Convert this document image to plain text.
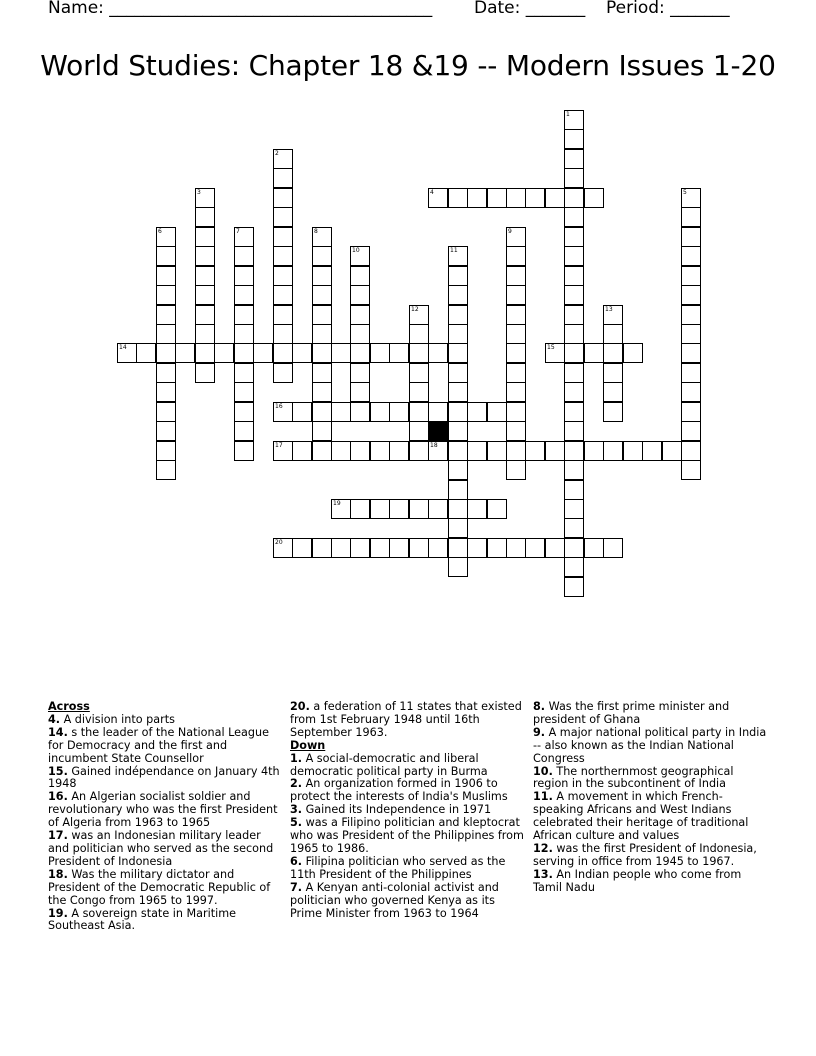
Name: ______________________________________ Date: _______ Period: _______
World Studies: Chapter 18 &19 -- Modern Issues 1-20
1
2
3	4	5
6	7	8	9
10	11
12	13
14	15
16
17	18
19
20
Across
4. A division into parts
14. s the leader of the National League for Democracy and the first and incumbent State Counsellor
15. Gained indépendance on January 4th 1948
16. An Algerian socialist soldier and revolutionary who was the first President of Algeria from 1963 to 1965
17. was an Indonesian military leader and politician who served as the second President of Indonesia
18. Was the military dictator and President of the Democratic Republic of the Congo from 1965 to 1997.
19. A sovereign state in Maritime Southeast Asia.
20. a federation of 11 states that existed from 1st February 1948 until 16th September 1963.
Down
1. A social-democratic and liberal democratic political party in Burma
2. An organization formed in 1906 to protect the interests of India's Muslims
3. Gained its Independence in 1971
5. was a Filipino politician and kleptocrat who was President of the Philippines from 1965 to 1986.
6. Filipina politician who served as the 11th President of the Philippines
7. A Kenyan anti-colonial activist and politician who governed Kenya as its Prime Minister from 1963 to 1964
8. Was the first prime minister and president of Ghana
9. A major national political party in India -- also known as the Indian National Congress
10. The northernmost geographical region in the subcontinent of India
11. A movement in which French-speaking Africans and West Indians celebrated their heritage of traditional African culture and values
12. was the first President of Indonesia, serving in office from 1945 to 1967.
13. An Indian people who come from Tamil Nadu
